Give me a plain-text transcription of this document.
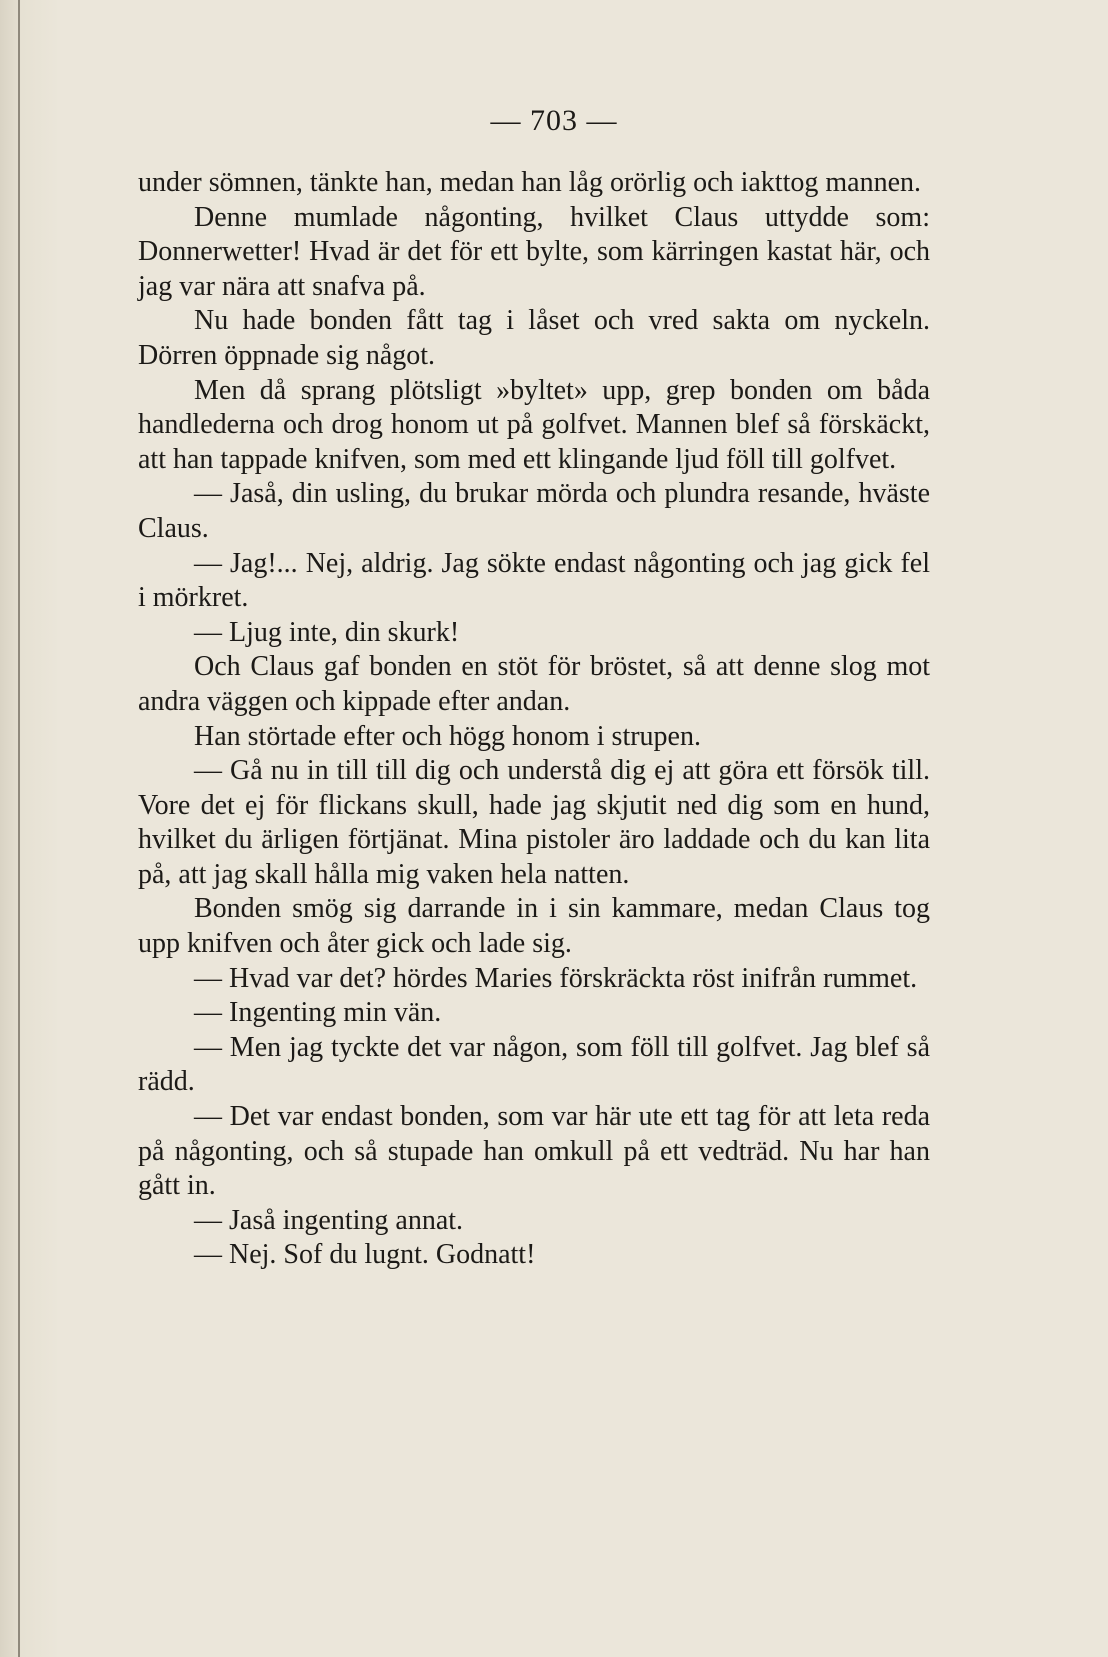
— 703 —

under sömnen, tänkte han, medan han låg orörlig och iakttog mannen.

Denne mumlade någonting, hvilket Claus uttydde som: Donnerwetter! Hvad är det för ett bylte, som kärringen kastat här, och jag var nära att snafva på.

Nu hade bonden fått tag i låset och vred sakta om nyckeln. Dörren öppnade sig något.

Men då sprang plötsligt »byltet» upp, grep bonden om båda handlederna och drog honom ut på golfvet. Mannen blef så förskäckt, att han tappade knifven, som med ett klingande ljud föll till golfvet.

— Jaså, din usling, du brukar mörda och plundra resande, hväste Claus.

— Jag!... Nej, aldrig. Jag sökte endast någonting och jag gick fel i mörkret.

— Ljug inte, din skurk!

Och Claus gaf bonden en stöt för bröstet, så att denne slog mot andra väggen och kippade efter andan.

Han störtade efter och högg honom i strupen.

— Gå nu in till till dig och understå dig ej att göra ett försök till. Vore det ej för flickans skull, hade jag skjutit ned dig som en hund, hvilket du ärligen förtjänat. Mina pistoler äro laddade och du kan lita på, att jag skall hålla mig vaken hela natten.

Bonden smög sig darrande in i sin kammare, medan Claus tog upp knifven och åter gick och lade sig.

— Hvad var det? hördes Maries förskräckta röst inifrån rummet.

— Ingenting min vän.

— Men jag tyckte det var någon, som föll till golfvet. Jag blef så rädd.

— Det var endast bonden, som var här ute ett tag för att leta reda på någonting, och så stupade han omkull på ett vedträd. Nu har han gått in.

— Jaså ingenting annat.

— Nej. Sof du lugnt. Godnatt!
